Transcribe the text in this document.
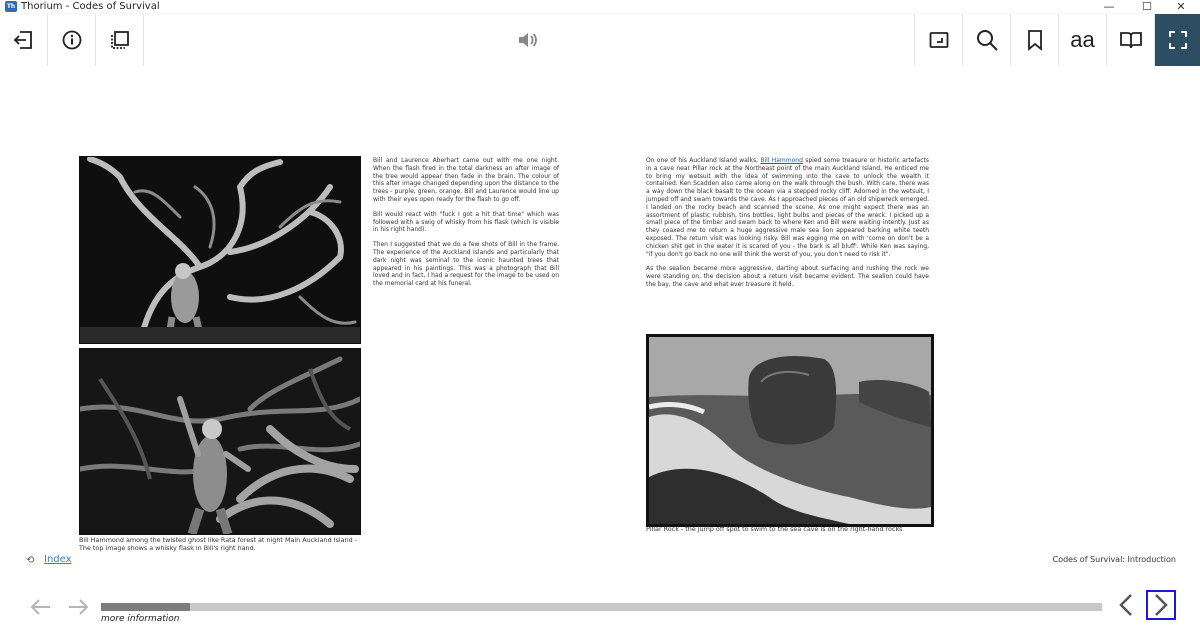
Th Thorium - Codes of Survival	—	☐	✕
aa
Bill Hammond among the twisted ghost like Rata forest at night Main Auckland Island - The top image shows a whisky flask in Bill's right hand.

Bill and Laurence Aberhart came out with me one night. When the flash fired in the total darkness an after image of the tree would appear then fade in the brain. The colour of this after image changed depending upon the distance to the trees - purple, green, orange. Bill and Laurence would line up with their eyes open ready for the flash to go off.

Bill would react with "fuck I got a hit that time" which was followed with a swig of whisky from his flask (which is visible in his right hand).

Then I suggested that we do a few shots of Bill in the frame. The experience of the Auckland Islands and particularly that dark night was seminal to the iconic haunted trees that appeared in his paintings. This was a photograph that Bill loved and in fact, I had a request for the image to be used on the memorial card at his funeral.

On one of his Auckland Island walks, Bill Hammond spied some treasure or historic artefacts in a cave near Pillar rock at the Northeast point of the main Auckland Island. He enticed me to bring my wetsuit with the idea of swimming into the cave to unlock the wealth it contained. Ken Scadden also came along on the walk through the bush. With care, there was a way down the black basalt to the ocean via a stepped rocky cliff. Adorned in the wetsuit, I jumped off and swam towards the cave. As I approached pieces of an old shipwreck emerged. I landed on the rocky beach and scanned the scene. As one might expect there was an assortment of plastic rubbish, tins bottles, light bulbs and pieces of the wreck. I picked up a small piece of the timber and swam back to where Ken and Bill were waiting intently. Just as they coaxed me to return a huge aggressive male sea lion appeared barking white teeth exposed. The return visit was looking risky. Bill was egging me on with 'come on don't be a chicken shit get in the water it is scared of you - the bark is all bluff'. While Ken was saying, "if you don't go back no one will think the worst of you, you don't need to risk it".

As the sealion became more aggressive, darting about surfacing and rushing the rock we were standing on, the decision about a return visit became evident. The sealion could have the bay, the cave and what ever treasure it held.

Pillar Rock - the jump off spot to swim to the sea cave is on the right-hand rocks
⟲ Index	Codes of Survival: Introduction
more information
